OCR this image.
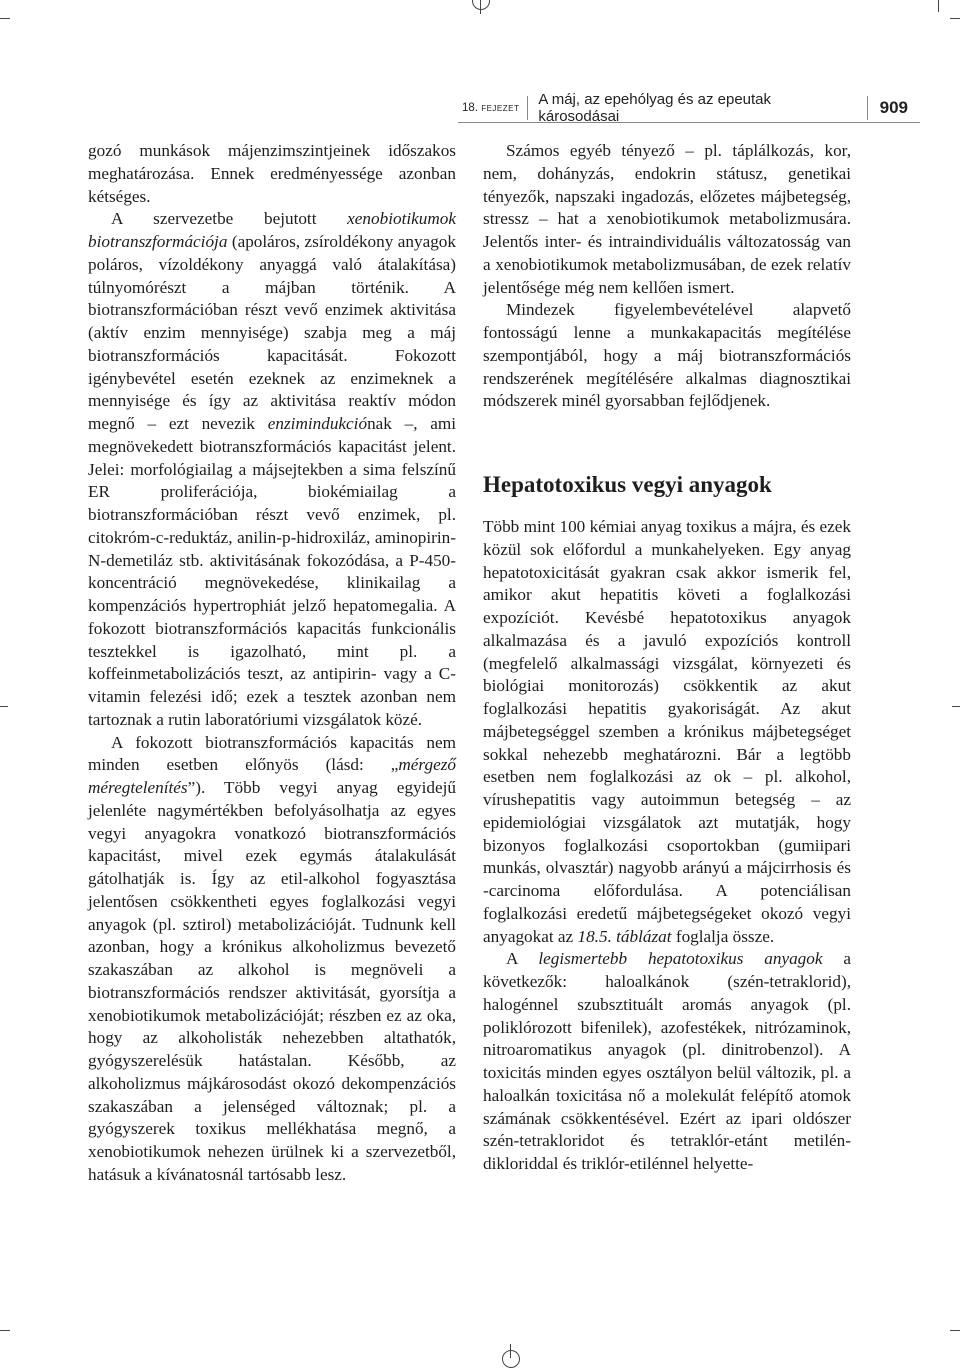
18. FEJEZET
A máj, az epehólyag és az epeutak károsodásai	909

gozó munkások májenzimszintjeinek időszakos meghatározása. Ennek eredményessége azonban kétséges.

A szervezetbe bejutott xenobiotikumok biotranszformációja (apoláros, zsíroldékony anyagok poláros, vízoldékony anyaggá való átalakítása) túlnyomórészt a májban történik. A biotranszformációban részt vevő enzimek aktivitása (aktív enzim mennyisége) szabja meg a máj biotranszformációs kapacitását. Fokozott igénybevétel esetén ezeknek az enzimeknek a mennyisége és így az aktivitása reaktív módon megnő – ezt nevezik enzimindukciónak –, ami megnövekedett biotranszformációs kapacitást jelent. Jelei: morfológiailag a májsejtekben a sima felszínű ER proliferációja, biokémiailag a biotranszformációban részt vevő enzimek, pl. citokróm-c-reduktáz, anilin-p-hidroxiláz, aminopirin-N-demetiláz stb. aktivitásának fokozódása, a P-450-koncentráció megnövekedése, klinikailag a kompenzációs hypertrophiát jelző hepatomegalia. A fokozott biotranszformációs kapacitás funkcionális tesztekkel is igazolható, mint pl. a koffeinmetabolizációs teszt, az antipirin- vagy a C-vitamin felezési idő; ezek a tesztek azonban nem tartoznak a rutin laboratóriumi vizsgálatok közé.

A fokozott biotranszformációs kapacitás nem minden esetben előnyös (lásd: „mérgező méregtelenítés”). Több vegyi anyag egyidejű jelenléte nagymértékben befolyásolhatja az egyes vegyi anyagokra vonatkozó biotranszformációs kapacitást, mivel ezek egymás átalakulását gátolhatják is. Így az etil-alkohol fogyasztása jelentősen csökkentheti egyes foglalkozási vegyi anyagok (pl. sztirol) metabolizációját. Tudnunk kell azonban, hogy a krónikus alkoholizmus bevezető szakaszában az alkohol is megnöveli a biotranszformációs rendszer aktivitását, gyorsítja a xenobiotikumok metabolizációját; részben ez az oka, hogy az alkoholisták nehezebben altathatók, gyógyszerelésük hatástalan. Később, az alkoholizmus májkárosodást okozó dekompenzációs szakaszában a jelenséged változnak; pl. a gyógyszerek toxikus mellékhatása megnő, a xenobiotikumok nehezen ürülnek ki a szervezetből, hatásuk a kívánatosnál tartósabb lesz.

Számos egyéb tényező – pl. táplálkozás, kor, nem, dohányzás, endokrin státusz, genetikai tényezők, napszaki ingadozás, előzetes májbetegség, stressz – hat a xenobiotikumok metabolizmusára. Jelentős inter- és intraindividuális változatosság van a xenobiotikumok metabolizmusában, de ezek relatív jelentősége még nem kellően ismert.

Mindezek figyelembevételével alapvető fontosságú lenne a munkakapacitás megítélése szempontjából, hogy a máj biotranszformációs rendszerének megítélésére alkalmas diagnosztikai módszerek minél gyorsabban fejlődjenek.

Hepatotoxikus vegyi anyagok

Több mint 100 kémiai anyag toxikus a májra, és ezek közül sok előfordul a munkahelyeken. Egy anyag hepatotoxicitását gyakran csak akkor ismerik fel, amikor akut hepatitis követi a foglalkozási expozíciót. Kevésbé hepatotoxikus anyagok alkalmazása és a javuló expozíciós kontroll (megfelelő alkalmassági vizsgálat, környezeti és biológiai monitorozás) csökkentik az akut foglalkozási hepatitis gyakoriságát. Az akut májbetegséggel szemben a krónikus májbetegséget sokkal nehezebb meghatározni. Bár a legtöbb esetben nem foglalkozási az ok – pl. alkohol, vírushepatitis vagy autoimmun betegség – az epidemiológiai vizsgálatok azt mutatják, hogy bizonyos foglalkozási csoportokban (gumiipari munkás, olvasztár) nagyobb arányú a májcirrhosis és -carcinoma előfordulása. A potenciálisan foglalkozási eredetű májbetegségeket okozó vegyi anyagokat az 18.5. táblázat foglalja össze.

A legismertebb hepatotoxikus anyagok a következők: haloalkánok (szén-tetraklorid), halogénnel szubsztituált aromás anyagok (pl. poliklórozott bifenilek), azofestékek, nitrózaminok, nitroaromatikus anyagok (pl. dinitrobenzol). A toxicitás minden egyes osztályon belül változik, pl. a haloalkán toxicitása nő a molekulát felépítő atomok számának csökkentésével. Ezért az ipari oldószer szén-tetrakloridot és tetraklór-etánt metilén-dikloriddal és triklór-etilénnel helyette-
